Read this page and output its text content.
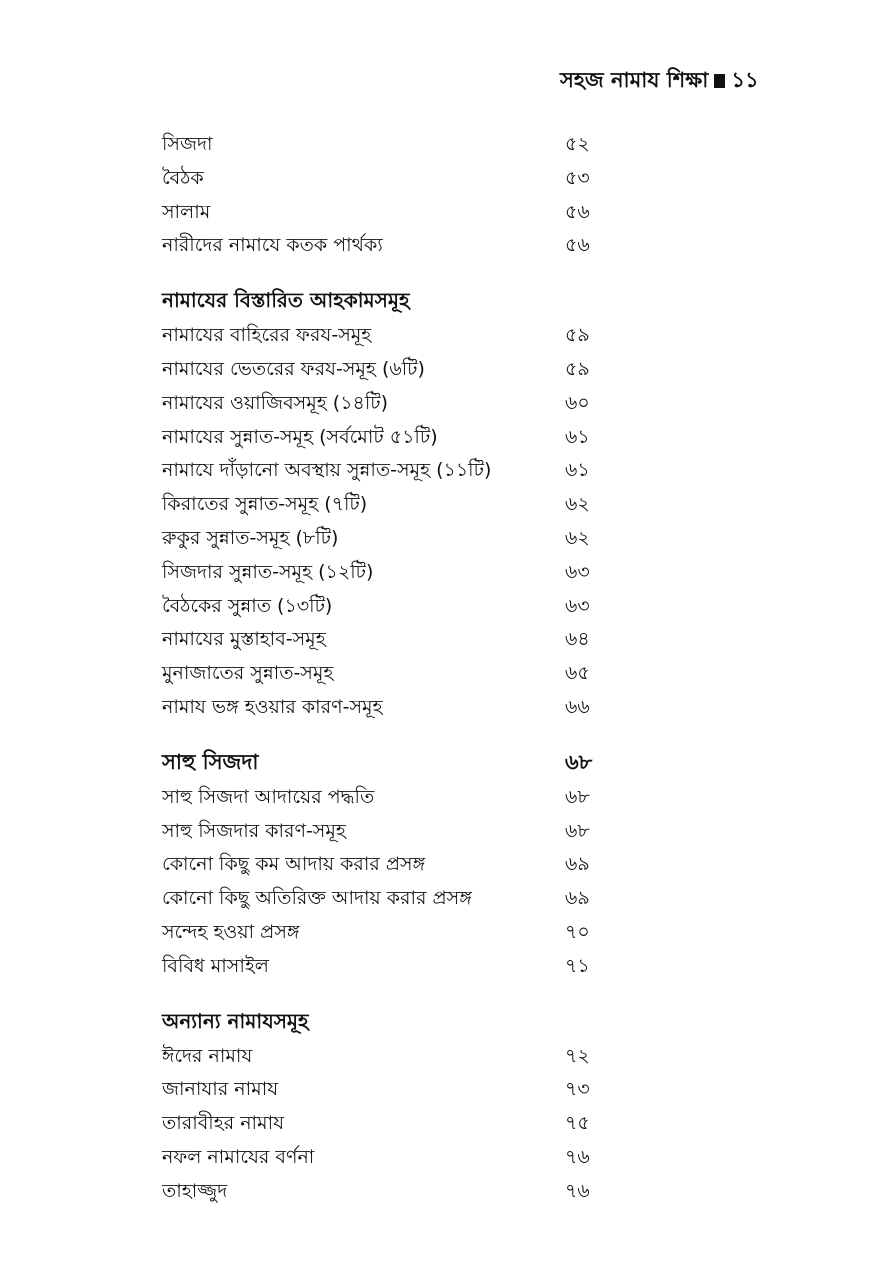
সহজ নামায শিক্ষা ১১
সিজদা	৫২
বৈঠক	৫৩
সালাম	৫৬
নারীদের নামাযে কতক পার্থক্য	৫৬
নামাযের বিস্তারিত আহকামসমূহ
নামাযের বাহিরের ফরয-সমূহ	৫৯
নামাযের ভেতরের ফরয-সমূহ (৬টি)	৫৯
নামাযের ওয়াজিবসমূহ (১৪টি)	৬০
নামাযের সুন্নাত-সমূহ (সর্বমোট ৫১টি)	৬১
নামাযে দাঁড়ানো অবস্থায় সুন্নাত-সমূহ (১১টি)	৬১
কিরাতের সুন্নাত-সমূহ (৭টি)	৬২
রুকুর সুন্নাত-সমূহ (৮টি)	৬২
সিজদার সুন্নাত-সমূহ (১২টি)	৬৩
বৈঠকের সুন্নাত (১৩টি)	৬৩
নামাযের মুস্তাহাব-সমূহ	৬৪
মুনাজাতের সুন্নাত-সমূহ	৬৫
নামায ভঙ্গ হওয়ার কারণ-সমূহ	৬৬
সাহু সিজদা	৬৮
সাহু সিজদা আদায়ের পদ্ধতি	৬৮
সাহু সিজদার কারণ-সমূহ	৬৮
কোনো কিছু কম আদায় করার প্রসঙ্গ	৬৯
কোনো কিছু অতিরিক্ত আদায় করার প্রসঙ্গ	৬৯
সন্দেহ হওয়া প্রসঙ্গ	৭০
বিবিধ মাসাইল	৭১
অন্যান্য নামাযসমূহ
ঈদের নামায	৭২
জানাযার নামায	৭৩
তারাবীহর নামায	৭৫
নফল নামাযের বর্ণনা	৭৬
তাহাজ্জুদ	৭৬
